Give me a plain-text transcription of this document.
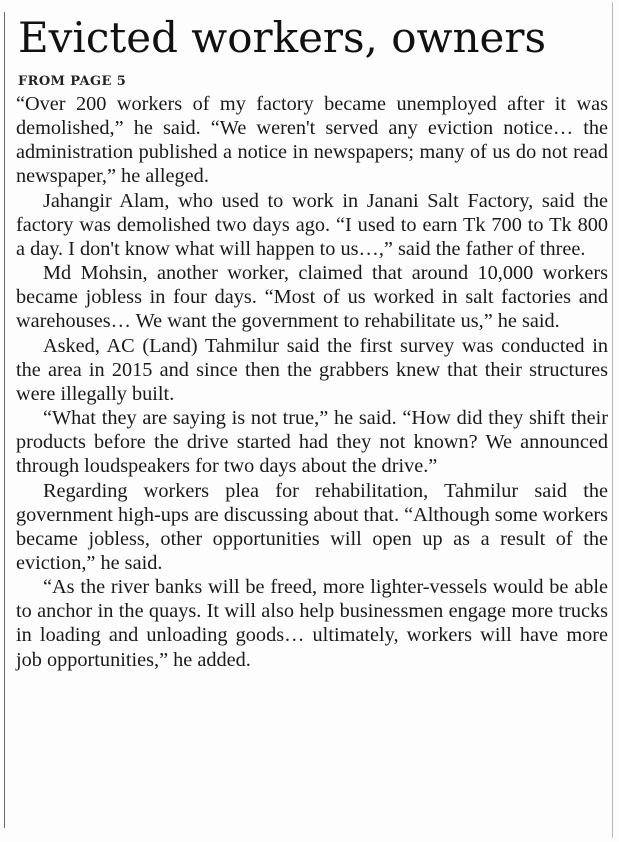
Evicted workers, owners
FROM PAGE 5

“Over 200 workers of my factory became unemployed after it was demolished,” he said. “We weren't served any eviction notice… the administration published a notice in newspapers; many of us do not read newspaper,” he alleged.

Jahangir Alam, who used to work in Janani Salt Factory, said the factory was demolished two days ago. “I used to earn Tk 700 to Tk 800 a day. I don't know what will happen to us…,” said the father of three.

Md Mohsin, another worker, claimed that around 10,000 workers became jobless in four days. “Most of us worked in salt factories and warehouses… We want the government to rehabilitate us,” he said.

Asked, AC (Land) Tahmilur said the first survey was conducted in the area in 2015 and since then the grabbers knew that their structures were illegally built.

“What they are saying is not true,” he said. “How did they shift their products before the drive started had they not known? We announced through loudspeakers for two days about the drive.”

Regarding workers plea for rehabilitation, Tahmilur said the government high-ups are discussing about that. “Although some workers became jobless, other opportunities will open up as a result of the eviction,” he said.

“As the river banks will be freed, more lighter-vessels would be able to anchor in the quays. It will also help businessmen engage more trucks in loading and unloading goods… ultimately, workers will have more job opportunities,” he added.
